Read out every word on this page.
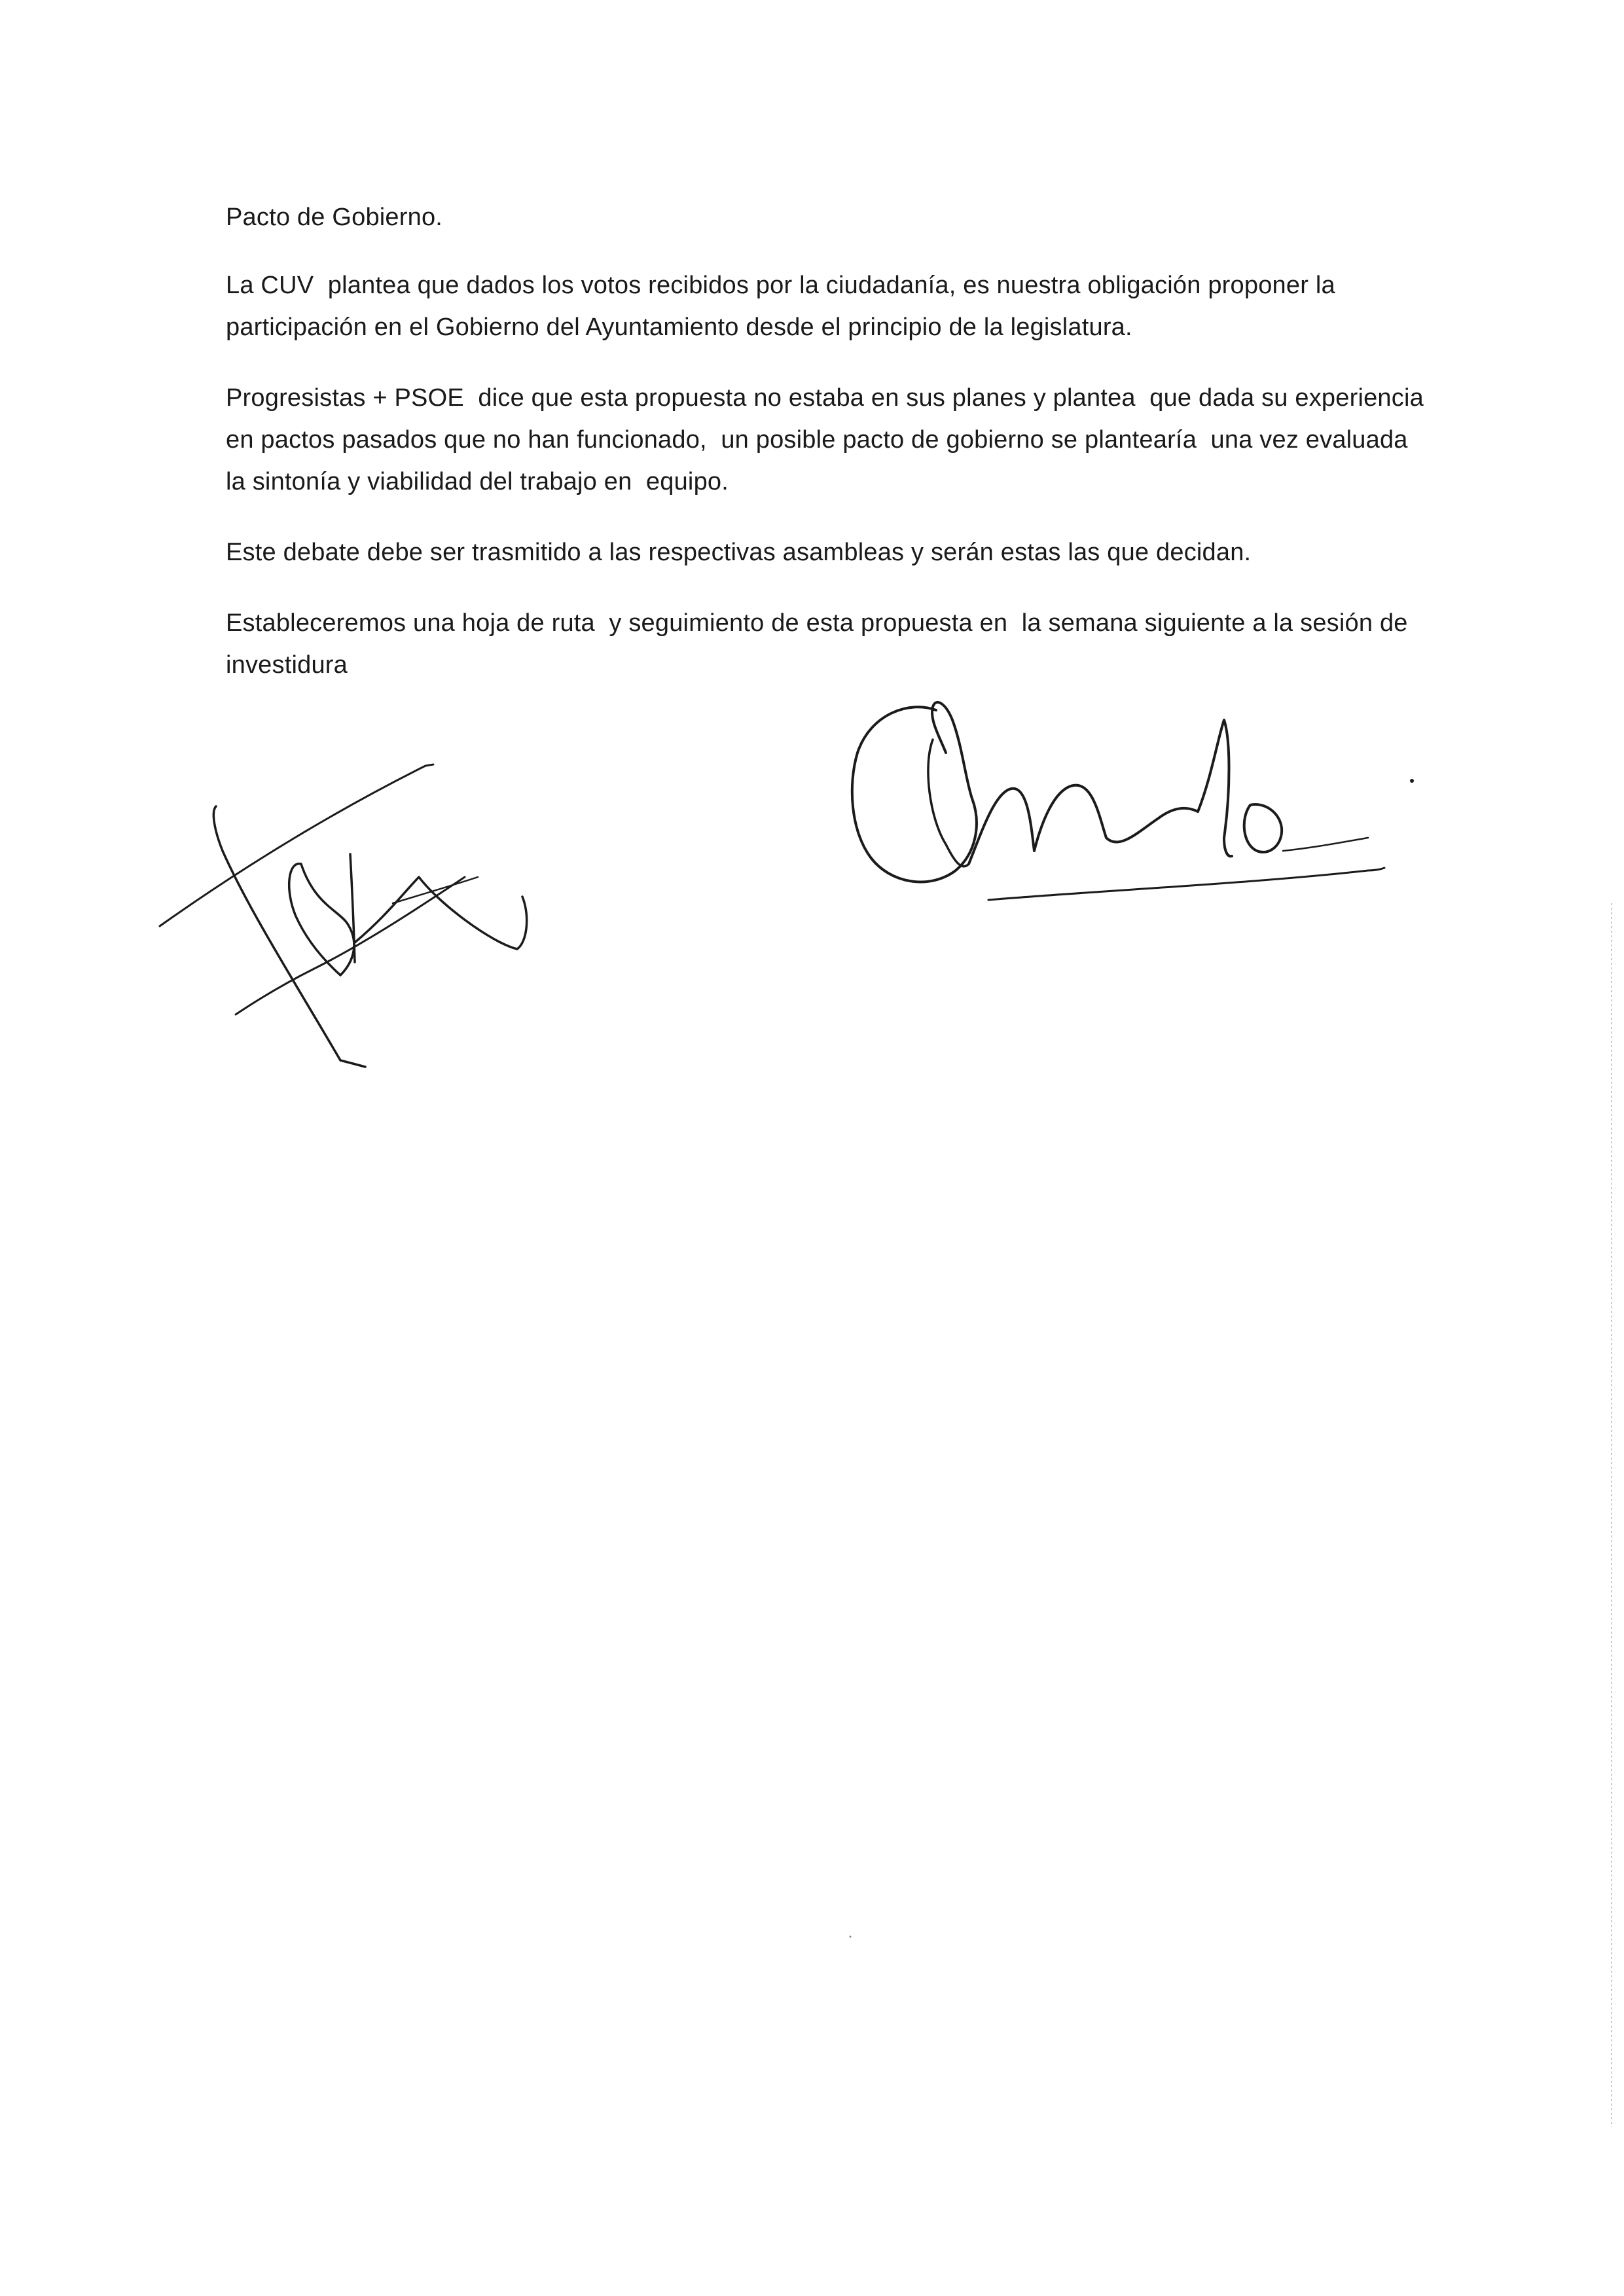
Pacto de Gobierno.

La CUV  plantea que dados los votos recibidos por la ciudadanía, es nuestra obligación proponer la participación en el Gobierno del Ayuntamiento desde el principio de la legislatura.

Progresistas + PSOE  dice que esta propuesta no estaba en sus planes y plantea  que dada su experiencia en pactos pasados que no han funcionado,  un posible pacto de gobierno se plantearía  una vez evaluada la sintonía y viabilidad del trabajo en  equipo.

Este debate debe ser trasmitido a las respectivas asambleas y serán estas las que decidan.

Estableceremos una hoja de ruta  y seguimiento de esta propuesta en  la semana siguiente a la sesión de investidura
